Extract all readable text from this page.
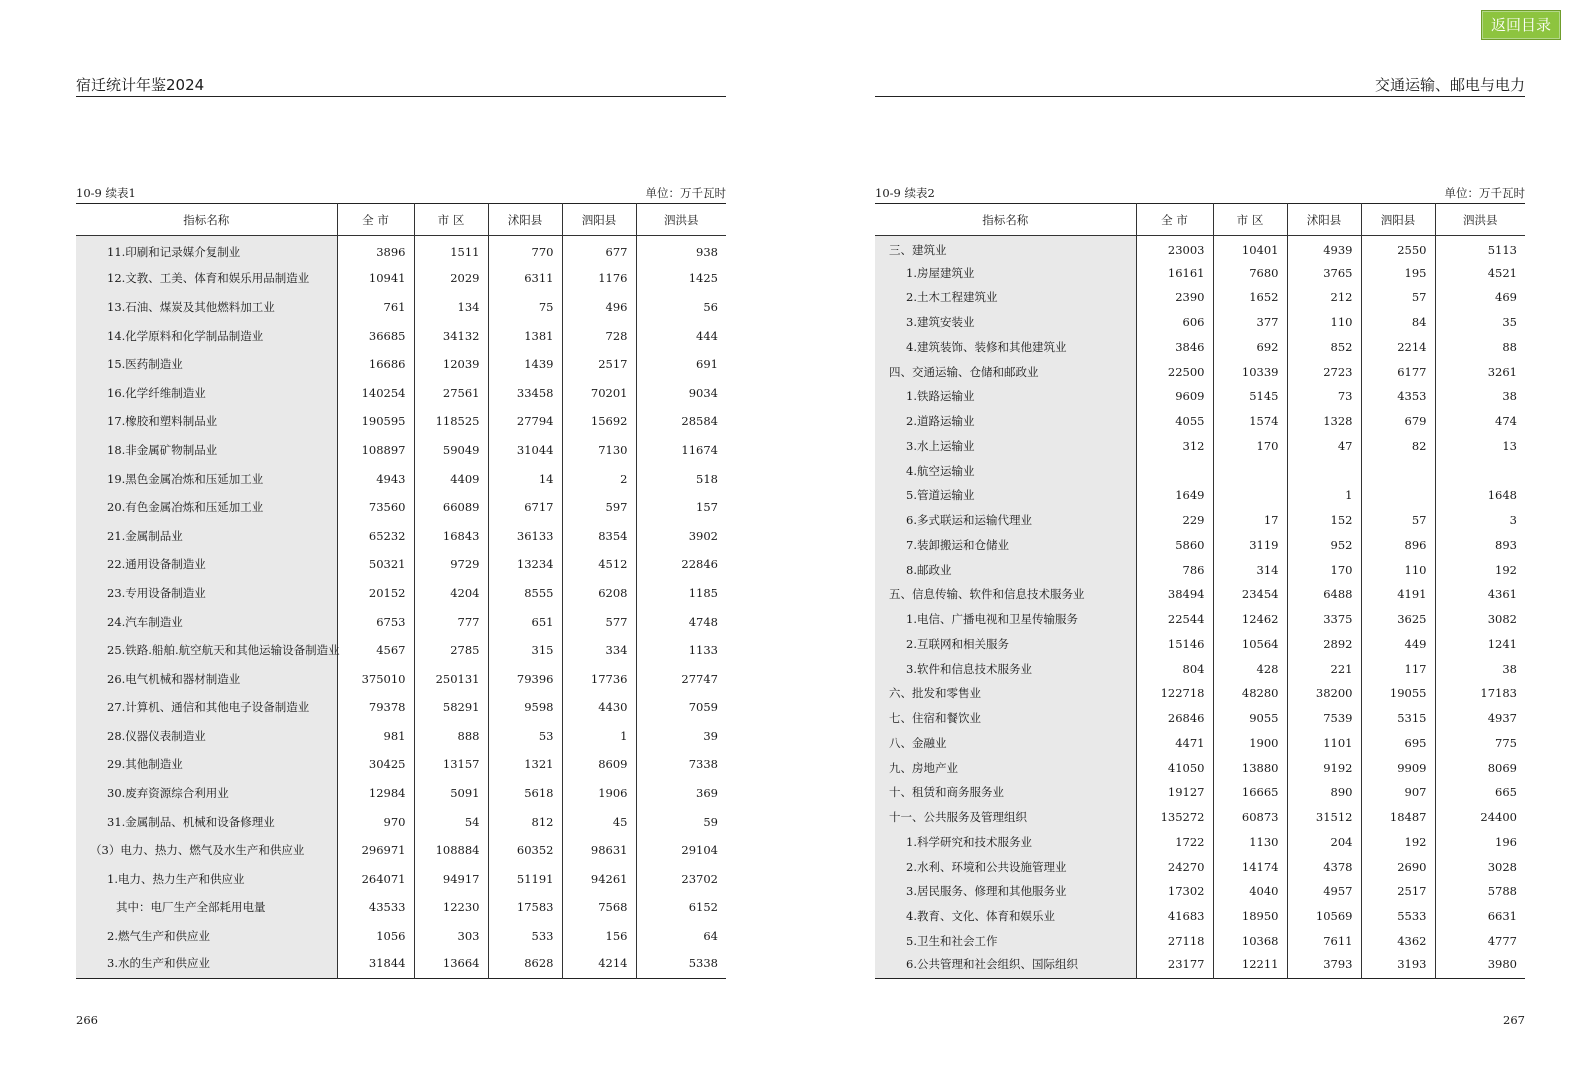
返回目录
宿迁统计年鉴2024
10-9 续表1	单位：万千瓦时
指标名称	全 市	市 区	沭阳县	泗阳县	泗洪县
11.印刷和记录媒介复制业	3896	1511	770	677	938
12.文教、工美、体育和娱乐用品制造业	10941	2029	6311	1176	1425
13.石油、煤炭及其他燃料加工业	761	134	75	496	56
14.化学原料和化学制品制造业	36685	34132	1381	728	444
15.医药制造业	16686	12039	1439	2517	691
16.化学纤维制造业	140254	27561	33458	70201	9034
17.橡胶和塑料制品业	190595	118525	27794	15692	28584
18.非金属矿物制品业	108897	59049	31044	7130	11674
19.黑色金属冶炼和压延加工业	4943	4409	14	2	518
20.有色金属冶炼和压延加工业	73560	66089	6717	597	157
21.金属制品业	65232	16843	36133	8354	3902
22.通用设备制造业	50321	9729	13234	4512	22846
23.专用设备制造业	20152	4204	8555	6208	1185
24.汽车制造业	6753	777	651	577	4748
25.铁路.船舶.航空航天和其他运输设备制造业	4567	2785	315	334	1133
26.电气机械和器材制造业	375010	250131	79396	17736	27747
27.计算机、通信和其他电子设备制造业	79378	58291	9598	4430	7059
28.仪器仪表制造业	981	888	53	1	39
29.其他制造业	30425	13157	1321	8609	7338
30.废弃资源综合利用业	12984	5091	5618	1906	369
31.金属制品、机械和设备修理业	970	54	812	45	59
（3）电力、热力、燃气及水生产和供应业	296971	108884	60352	98631	29104
1.电力、热力生产和供应业	264071	94917	51191	94261	23702
其中：电厂生产全部耗用电量	43533	12230	17583	7568	6152
2.燃气生产和供应业	1056	303	533	156	64
3.水的生产和供应业	31844	13664	8628	4214	5338
266
交通运输、邮电与电力
10-9 续表2	单位：万千瓦时
指标名称	全 市	市 区	沭阳县	泗阳县	泗洪县
三、建筑业	23003	10401	4939	2550	5113
1.房屋建筑业	16161	7680	3765	195	4521
2.土木工程建筑业	2390	1652	212	57	469
3.建筑安装业	606	377	110	84	35
4.建筑装饰、装修和其他建筑业	3846	692	852	2214	88
四、交通运输、仓储和邮政业	22500	10339	2723	6177	3261
1.铁路运输业	9609	5145	73	4353	38
2.道路运输业	4055	1574	1328	679	474
3.水上运输业	312	170	47	82	13
4.航空运输业					
5.管道运输业	1649		1		1648
6.多式联运和运输代理业	229	17	152	57	3
7.装卸搬运和仓储业	5860	3119	952	896	893
8.邮政业	786	314	170	110	192
五、信息传输、软件和信息技术服务业	38494	23454	6488	4191	4361
1.电信、广播电视和卫星传输服务	22544	12462	3375	3625	3082
2.互联网和相关服务	15146	10564	2892	449	1241
3.软件和信息技术服务业	804	428	221	117	38
六、批发和零售业	122718	48280	38200	19055	17183
七、住宿和餐饮业	26846	9055	7539	5315	4937
八、金融业	4471	1900	1101	695	775
九、房地产业	41050	13880	9192	9909	8069
十、租赁和商务服务业	19127	16665	890	907	665
十一、公共服务及管理组织	135272	60873	31512	18487	24400
1.科学研究和技术服务业	1722	1130	204	192	196
2.水利、环境和公共设施管理业	24270	14174	4378	2690	3028
3.居民服务、修理和其他服务业	17302	4040	4957	2517	5788
4.教育、文化、体育和娱乐业	41683	18950	10569	5533	6631
5.卫生和社会工作	27118	10368	7611	4362	4777
6.公共管理和社会组织、国际组织	23177	12211	3793	3193	3980
267
